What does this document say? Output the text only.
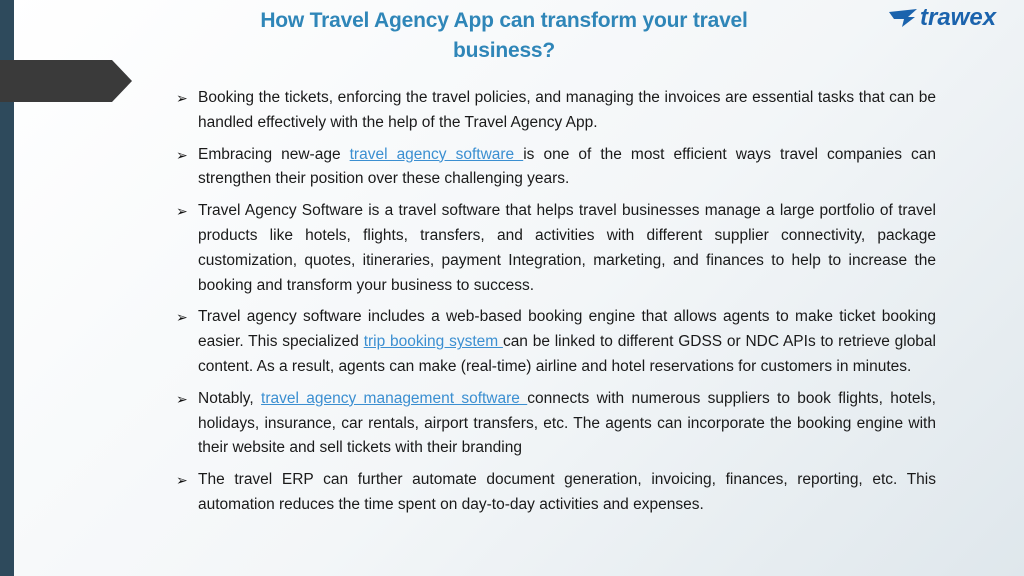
How Travel Agency App can transform your travel business?
trawex
➢ Booking the tickets, enforcing the travel policies, and managing the invoices are essential tasks that can be handled effectively with the help of the Travel Agency App.
➢ Embracing new-age travel agency software is one of the most efficient ways travel companies can strengthen their position over these challenging years.
➢ Travel Agency Software is a travel software that helps travel businesses manage a large portfolio of travel products like hotels, flights, transfers, and activities with different supplier connectivity, package customization, quotes, itineraries, payment Integration, marketing, and finances to help to increase the booking and transform your business to success.
➢ Travel agency software includes a web-based booking engine that allows agents to make ticket booking easier. This specialized trip booking system can be linked to different GDSS or NDC APIs to retrieve global content. As a result, agents can make (real-time) airline and hotel reservations for customers in minutes.
➢ Notably, travel agency management software connects with numerous suppliers to book flights, hotels, holidays, insurance, car rentals, airport transfers, etc. The agents can incorporate the booking engine with their website and sell tickets with their branding
➢ The travel ERP can further automate document generation, invoicing, finances, reporting, etc. This automation reduces the time spent on day-to-day activities and expenses.
